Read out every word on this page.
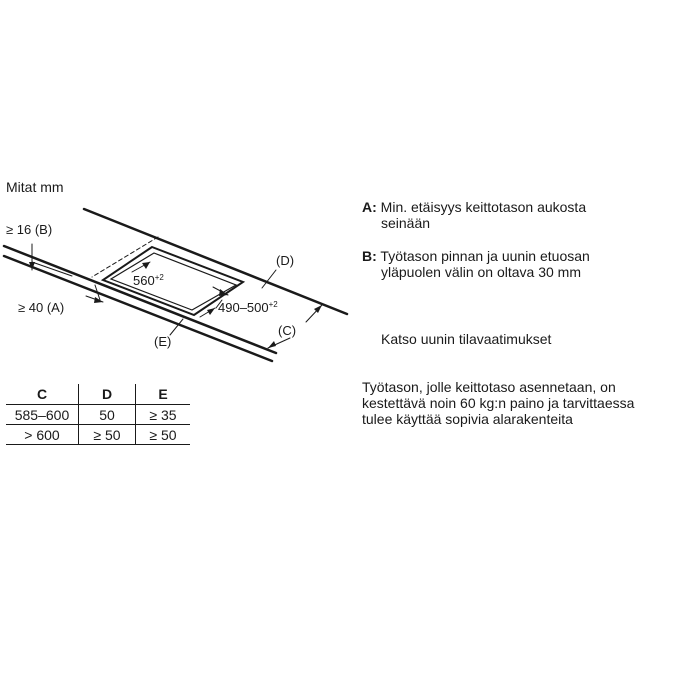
Mitat mm
$560^{+2}$
$490-500^{+2}$
≥ 16 (B)
≥ 40 (A)
(D)
(C)
(E)
A: Min. etäisyys keittotason aukosta
seinään
B: Työtason pinnan ja uunin etuosan
yläpuolen välin on oltava 30 mm
Katso uunin tilavaatimukset
Työtason, jolle keittotaso asennetaan, on
kestettävä noin 60 kg:n paino ja tarvittaessa
tulee käyttää sopivia alarakenteita
C	D	E
585–600	50	≥ 35
> 600	≥ 50	≥ 50
